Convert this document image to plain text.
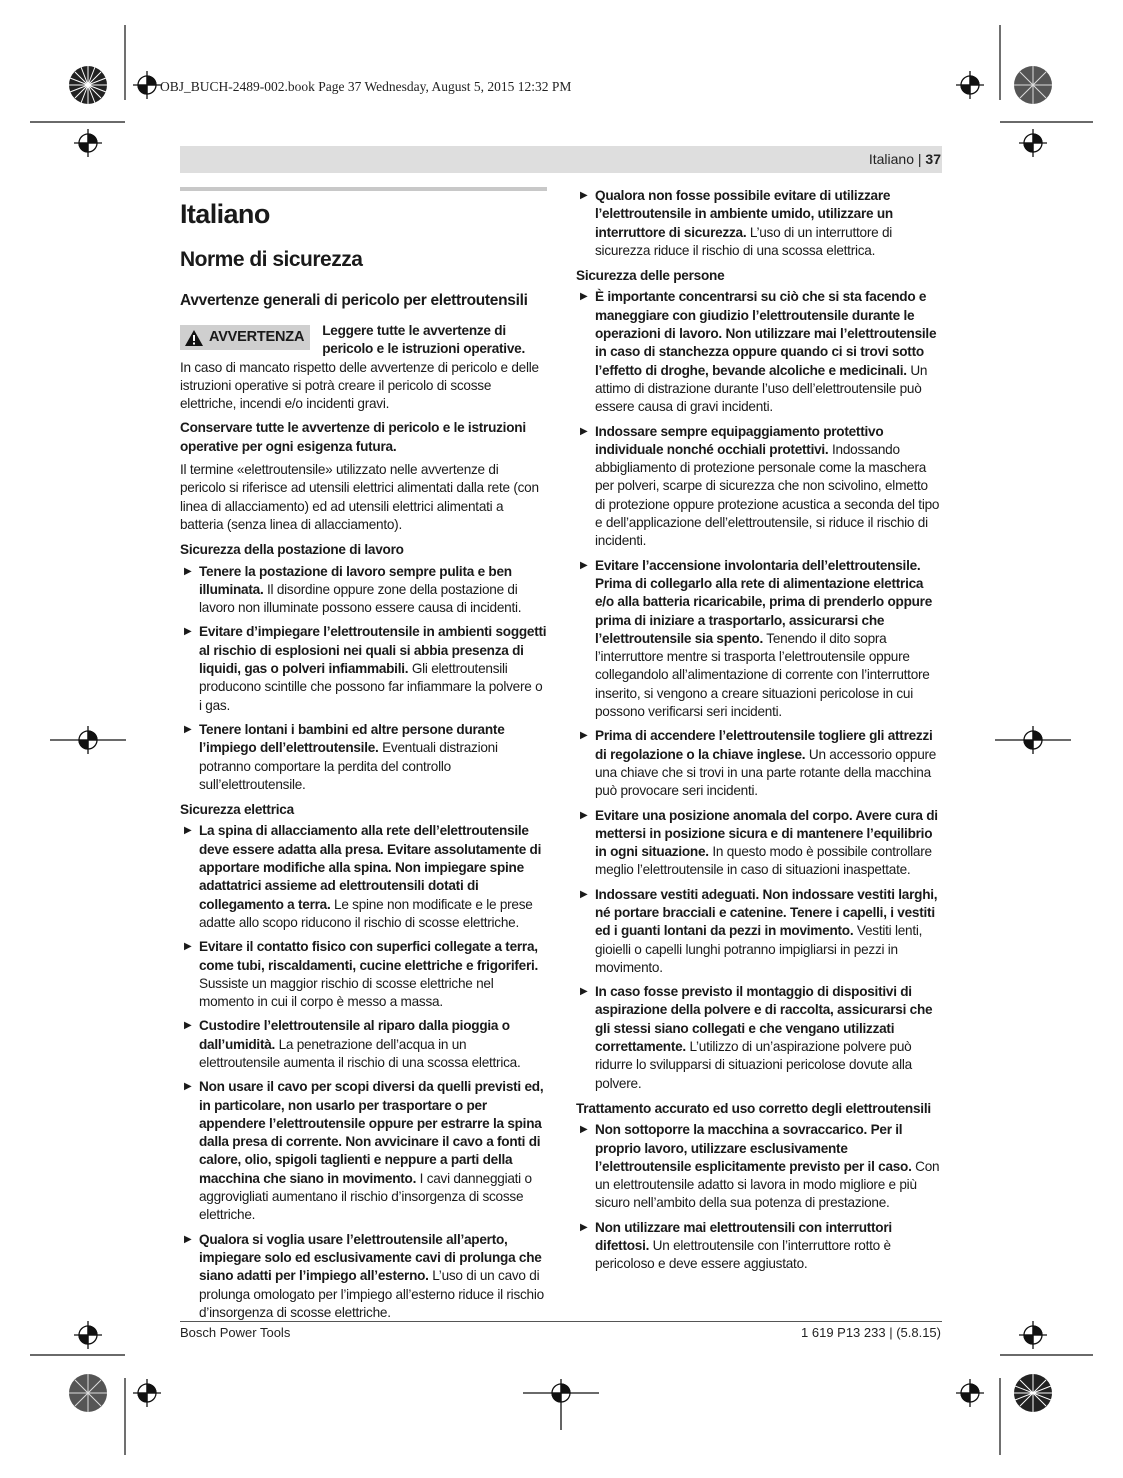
OBJ_BUCH-2489-002.book Page 37 Wednesday, August 5, 2015 12:32 PM
Italiano | 37
Italiano
Norme di sicurezza
Avvertenze generali di pericolo per elettroutensili
AVVERTENZA Leggere tutte le avvertenze di pericolo e le istruzioni operative.

In caso di mancato rispetto delle avvertenze di pericolo e delle istruzioni operative si potrà creare il pericolo di scosse elettriche, incendi e/o incidenti gravi.

Conservare tutte le avvertenze di pericolo e le istruzioni operative per ogni esigenza futura.

Il termine «elettroutensile» utilizzato nelle avvertenze di pericolo si riferisce ad utensili elettrici alimentati dalla rete (con linea di allacciamento) ed ad utensili elettrici alimentati a batteria (senza linea di allacciamento).

Sicurezza della postazione di lavoro
▶ Tenere la postazione di lavoro sempre pulita e ben illuminata. Il disordine oppure zone della postazione di lavoro non illuminate possono essere causa di incidenti.
▶ Evitare d’impiegare l’elettroutensile in ambienti soggetti al rischio di esplosioni nei quali si abbia presenza di liquidi, gas o polveri infiammabili. Gli elettroutensili producono scintille che possono far infiammare la polvere o i gas.
▶ Tenere lontani i bambini ed altre persone durante l’impiego dell’elettroutensile. Eventuali distrazioni potranno comportare la perdita del controllo sull’elettroutensile.
Sicurezza elettrica
▶ La spina di allacciamento alla rete dell’elettroutensile deve essere adatta alla presa. Evitare assolutamente di apportare modifiche alla spina. Non impiegare spine adattatrici assieme ad elettroutensili dotati di collegamento a terra. Le spine non modificate e le prese adatte allo scopo riducono il rischio di scosse elettriche.
▶ Evitare il contatto fisico con superfici collegate a terra, come tubi, riscaldamenti, cucine elettriche e frigoriferi. Sussiste un maggior rischio di scosse elettriche nel momento in cui il corpo è messo a massa.
▶ Custodire l’elettroutensile al riparo dalla pioggia o dall’umidità. La penetrazione dell’acqua in un elettroutensile aumenta il rischio di una scossa elettrica.
▶ Non usare il cavo per scopi diversi da quelli previsti ed, in particolare, non usarlo per trasportare o per appendere l’elettroutensile oppure per estrarre la spina dalla presa di corrente. Non avvicinare il cavo a fonti di calore, olio, spigoli taglienti e neppure a parti della macchina che siano in movimento. I cavi danneggiati o aggrovigliati aumentano il rischio d’insorgenza di scosse elettriche.
▶ Qualora si voglia usare l’elettroutensile all’aperto, impiegare solo ed esclusivamente cavi di prolunga che siano adatti per l’impiego all’esterno. L’uso di un cavo di prolunga omologato per l’impiego all’esterno riduce il rischio d’insorgenza di scosse elettriche.
▶ Qualora non fosse possibile evitare di utilizzare l’elettroutensile in ambiente umido, utilizzare un interruttore di sicurezza. L’uso di un interruttore di sicurezza riduce il rischio di una scossa elettrica.
Sicurezza delle persone
▶ È importante concentrarsi su ciò che si sta facendo e maneggiare con giudizio l’elettroutensile durante le operazioni di lavoro. Non utilizzare mai l’elettroutensile in caso di stanchezza oppure quando ci si trovi sotto l’effetto di droghe, bevande alcoliche e medicinali. Un attimo di distrazione durante l’uso dell’elettroutensile può essere causa di gravi incidenti.
▶ Indossare sempre equipaggiamento protettivo individuale nonché occhiali protettivi. Indossando abbigliamento di protezione personale come la maschera per polveri, scarpe di sicurezza che non scivolino, elmetto di protezione oppure protezione acustica a seconda del tipo e dell’applicazione dell’elettroutensile, si riduce il rischio di incidenti.
▶ Evitare l’accensione involontaria dell’elettroutensile. Prima di collegarlo alla rete di alimentazione elettrica e/o alla batteria ricaricabile, prima di prenderlo oppure prima di iniziare a trasportarlo, assicurarsi che l’elettroutensile sia spento. Tenendo il dito sopra l’interruttore mentre si trasporta l’elettroutensile oppure collegandolo all’alimentazione di corrente con l’interruttore inserito, si vengono a creare situazioni pericolose in cui possono verificarsi seri incidenti.
▶ Prima di accendere l’elettroutensile togliere gli attrezzi di regolazione o la chiave inglese. Un accessorio oppure una chiave che si trovi in una parte rotante della macchina può provocare seri incidenti.
▶ Evitare una posizione anomala del corpo. Avere cura di mettersi in posizione sicura e di mantenere l’equilibrio in ogni situazione. In questo modo è possibile controllare meglio l’elettroutensile in caso di situazioni inaspettate.
▶ Indossare vestiti adeguati. Non indossare vestiti larghi, né portare bracciali e catenine. Tenere i capelli, i vestiti ed i guanti lontani da pezzi in movimento. Vestiti lenti, gioielli o capelli lunghi potranno impigliarsi in pezzi in movimento.
▶ In caso fosse previsto il montaggio di dispositivi di aspirazione della polvere e di raccolta, assicurarsi che gli stessi siano collegati e che vengano utilizzati correttamente. L’utilizzo di un’aspirazione polvere può ridurre lo svilupparsi di situazioni pericolose dovute alla polvere.
Trattamento accurato ed uso corretto degli elettroutensili
▶ Non sottoporre la macchina a sovraccarico. Per il proprio lavoro, utilizzare esclusivamente l’elettroutensile esplicitamente previsto per il caso. Con un elettroutensile adatto si lavora in modo migliore e più sicuro nell’ambito della sua potenza di prestazione.
▶ Non utilizzare mai elettroutensili con interruttori difettosi. Un elettroutensile con l’interruttore rotto è pericoloso e deve essere aggiustato.
Bosch Power Tools	1 619 P13 233 | (5.8.15)
